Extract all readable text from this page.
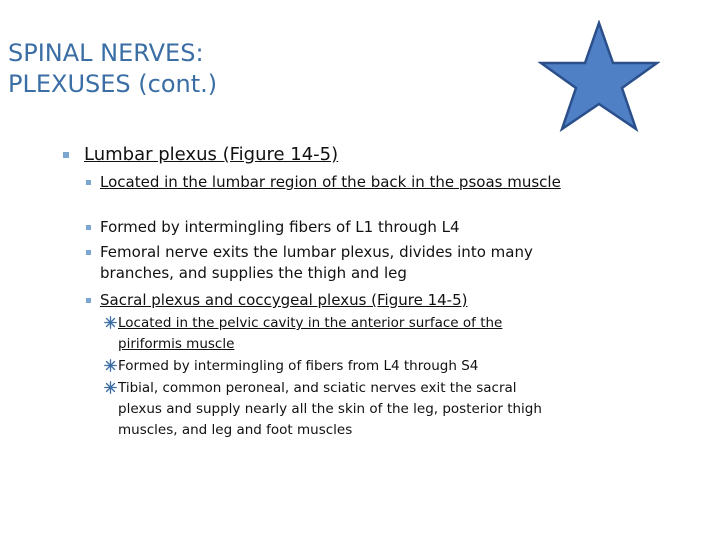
SPINAL NERVES:
PLEXUSES (cont.)
Lumbar plexus (Figure 14-5)
Located in the lumbar region of the back in the psoas muscle
Formed by intermingling fibers of L1 through L4
Femoral nerve exits the lumbar plexus, divides into many branches, and supplies the thigh and leg
Sacral plexus and coccygeal plexus (Figure 14-5)
Located in the pelvic cavity in the anterior surface of the piriformis muscle
Formed by intermingling of fibers from L4 through S4
Tibial, common peroneal, and sciatic nerves exit the sacral plexus and supply nearly all the skin of the leg, posterior thigh muscles, and leg and foot muscles
